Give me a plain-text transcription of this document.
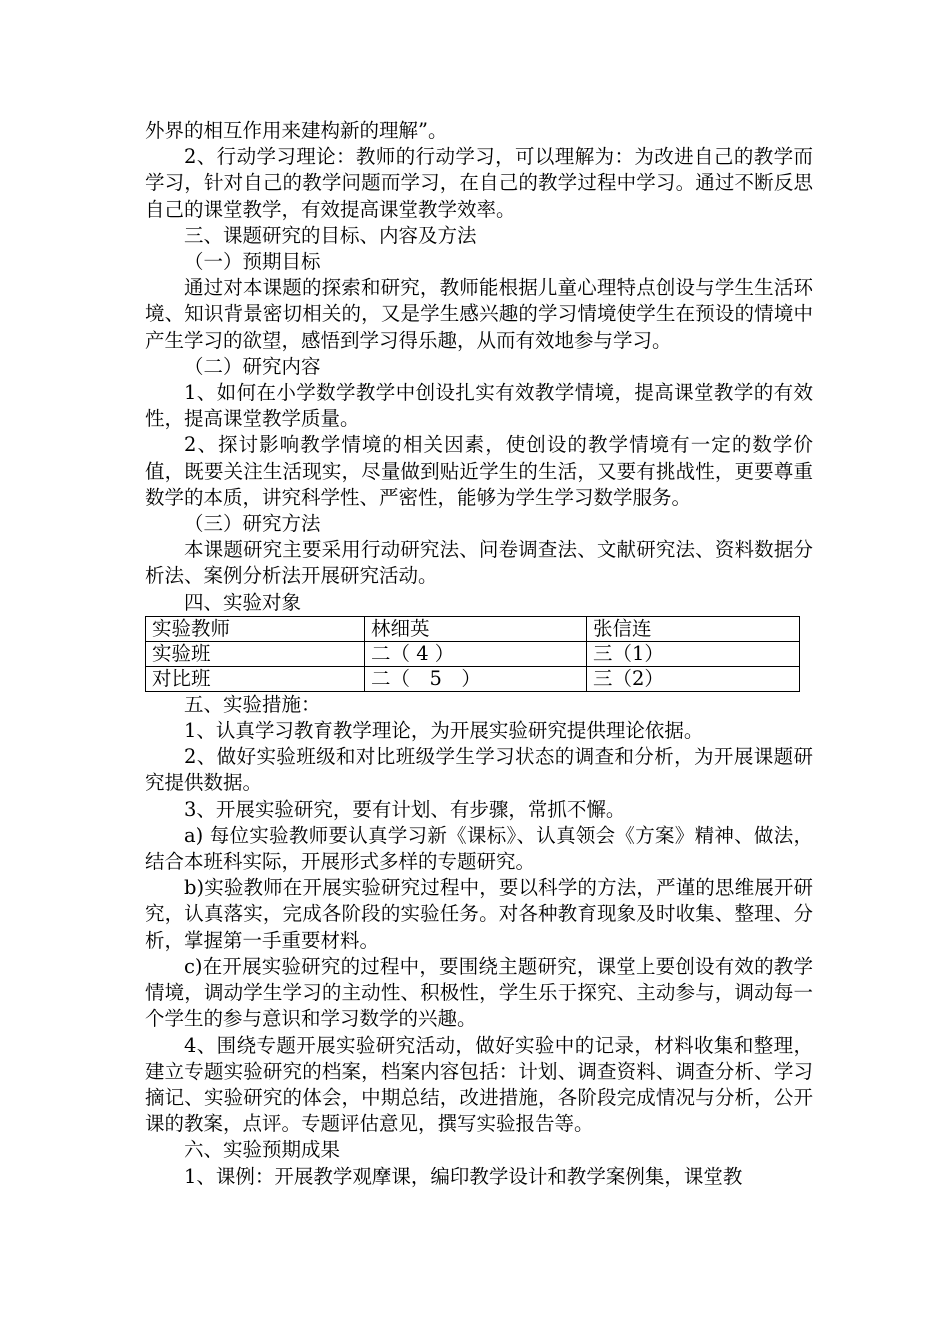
外界的相互作用来建构新的理解”。

2、行动学习理论：教师的行动学习，可以理解为：为改进自己的教学而学习，针对自己的教学问题而学习，在自己的教学过程中学习。通过不断反思自己的课堂教学，有效提高课堂教学效率。

三、课题研究的目标、内容及方法

（一）预期目标

通过对本课题的探索和研究，教师能根据儿童心理特点创设与学生生活环境、知识背景密切相关的，又是学生感兴趣的学习情境使学生在预设的情境中产生学习的欲望，感悟到学习得乐趣，从而有效地参与学习。

（二）研究内容

1、如何在小学数学教学中创设扎实有效教学情境，提高课堂教学的有效性，提高课堂教学质量。

2、探讨影响教学情境的相关因素，使创设的教学情境有一定的数学价值，既要关注生活现实，尽量做到贴近学生的生活，又要有挑战性，更要尊重数学的本质，讲究科学性、严密性，能够为学生学习数学服务。

（三）研究方法

本课题研究主要采用行动研究法、问卷调查法、文献研究法、资料数据分析法、案例分析法开展研究活动。

四、实验对象

实验教师	林细英	张信连
实验班	二（ 4 ）	三（1）
对比班	二（　5　）	三（2）

五、实验措施：

1、认真学习教育教学理论，为开展实验研究提供理论依据。

2、做好实验班级和对比班级学生学习状态的调查和分析，为开展课题研究提供数据。

3、开展实验研究，要有计划、有步骤，常抓不懈。

a) 每位实验教师要认真学习新《课标》、认真领会《方案》精神、做法，结合本班科实际，开展形式多样的专题研究。

b)实验教师在开展实验研究过程中，要以科学的方法，严谨的思维展开研究，认真落实，完成各阶段的实验任务。对各种教育现象及时收集、整理、分析，掌握第一手重要材料。

c)在开展实验研究的过程中，要围绕主题研究，课堂上要创设有效的教学情境，调动学生学习的主动性、积极性，学生乐于探究、主动参与，调动每一个学生的参与意识和学习数学的兴趣。

4、围绕专题开展实验研究活动，做好实验中的记录，材料收集和整理，建立专题实验研究的档案，档案内容包括：计划、调查资料、调查分析、学习摘记、实验研究的体会，中期总结，改进措施，各阶段完成情况与分析，公开课的教案，点评。专题评估意见，撰写实验报告等。

六、实验预期成果

1、课例：开展教学观摩课，编印教学设计和教学案例集，课堂教
